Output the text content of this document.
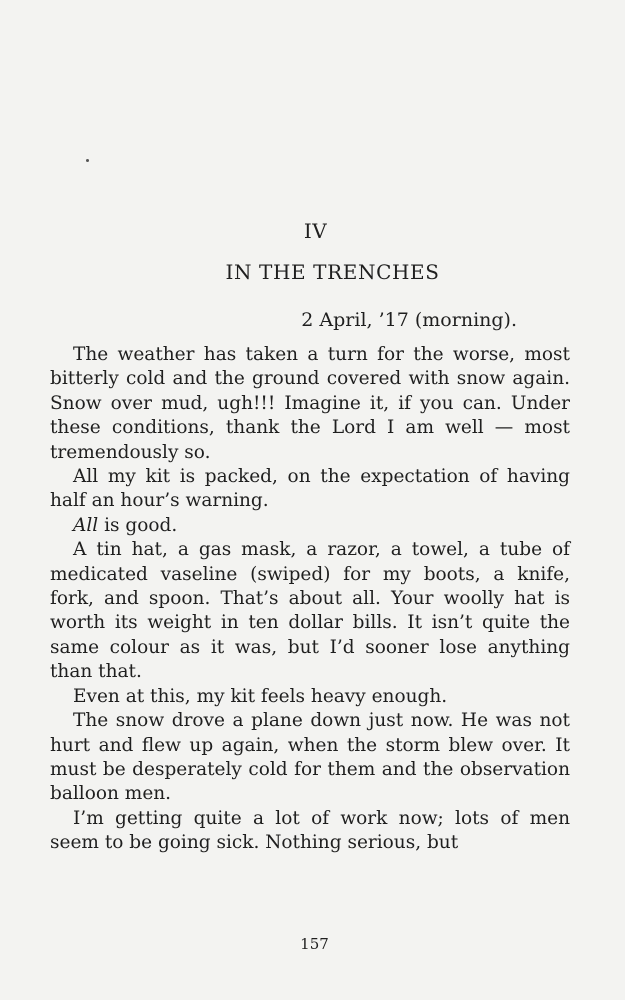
IV
IN THE TRENCHES
2 April, ’17 (morning).

The weather has taken a turn for the worse, most bitterly cold and the ground covered with snow again. Snow over mud, ugh!!! Imagine it, if you can. Under these conditions, thank the Lord I am well — most tremendously so.

All my kit is packed, on the expectation of having half an hour’s warning.

All is good.

A tin hat, a gas mask, a razor, a towel, a tube of medicated vaseline (swiped) for my boots, a knife, fork, and spoon. That’s about all. Your woolly hat is worth its weight in ten dollar bills. It isn’t quite the same colour as it was, but I’d sooner lose anything than that.

Even at this, my kit feels heavy enough.

The snow drove a plane down just now. He was not hurt and flew up again, when the storm blew over. It must be desperately cold for them and the observation balloon men.

I’m getting quite a lot of work now; lots of men seem to be going sick. Nothing serious, but

157
